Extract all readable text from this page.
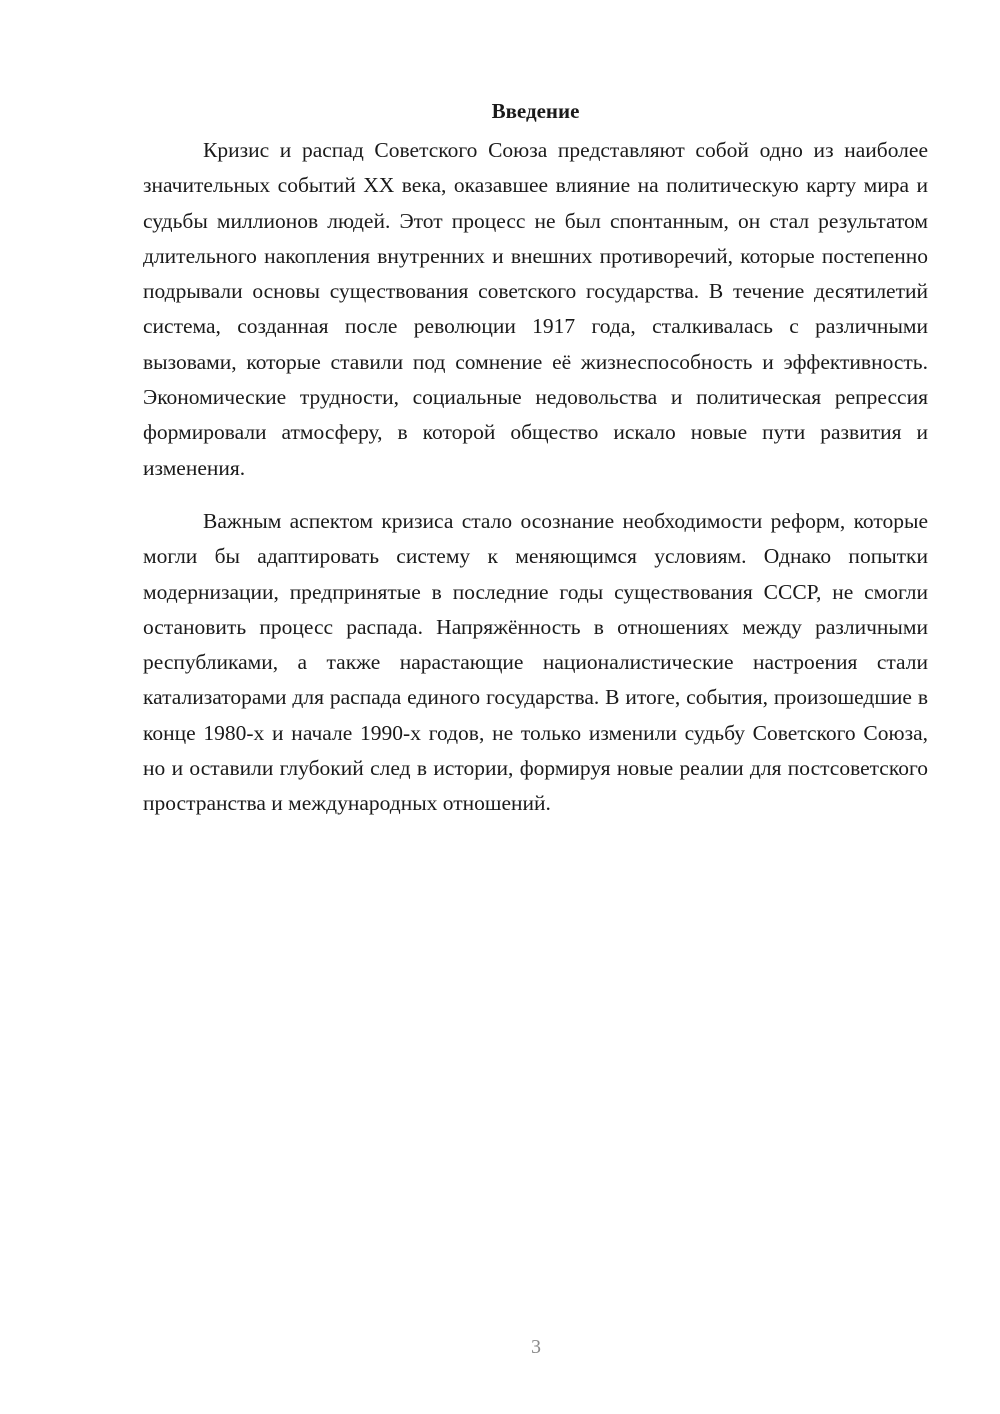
Введение

Кризис и распад Советского Союза представляют собой одно из наиболее значительных событий XX века, оказавшее влияние на политическую карту мира и судьбы миллионов людей. Этот процесс не был спонтанным, он стал результатом длительного накопления внутренних и внешних противоречий, которые постепенно подрывали основы существования советского государства. В течение десятилетий система, созданная после революции 1917 года, сталкивалась с различными вызовами, которые ставили под сомнение её жизнеспособность и эффективность. Экономические трудности, социальные недовольства и политическая репрессия формировали атмосферу, в которой общество искало новые пути развития и изменения.

Важным аспектом кризиса стало осознание необходимости реформ, которые могли бы адаптировать систему к меняющимся условиям. Однако попытки модернизации, предпринятые в последние годы существования СССР, не смогли остановить процесс распада. Напряжённость в отношениях между различными республиками, а также нарастающие националистические настроения стали катализаторами для распада единого государства. В итоге, события, произошедшие в конце 1980-х и начале 1990-х годов, не только изменили судьбу Советского Союза, но и оставили глубокий след в истории, формируя новые реалии для постсоветского пространства и международных отношений.

3
